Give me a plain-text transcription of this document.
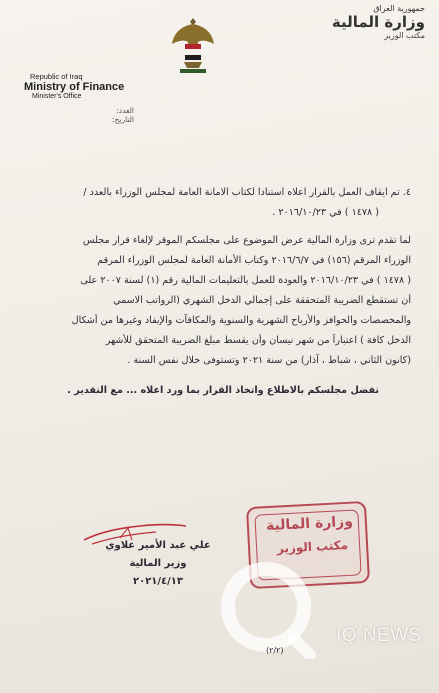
جمهورية العراق
وزارة المالية
مكتب الوزير
Republic of Iraq
Ministry of Finance
Minister's Office
العدد:
التاريخ:
٤. تم ايقاف العمل بالقرار اعلاه استنادا لكتاب الامانة العامة لمجلس الوزراء بالعدد /
( ١٤٧٨ ) في ٢٠١٦/١٠/٢٣ .
لما تقدم ترى وزارة المالية عرض الموضوع على مجلسكم الموقر لإلغاء قرار مجلس
الوزراء المرقم (١٥٦) في ٢٠١٦/٦/٧ وكتاب الأمانة العامة لمجلس الوزراء المرقم
( ١٤٧٨ ) في ٢٠١٦/١٠/٢٣ والعودة للعمل بالتعليمات المالية رقم (١) لسنة ٢٠٠٧ على
أن تستقطع الضريبة المتحققة على إجمالي الدخل الشهري (الرواتب الاسمي
والمخصصات والحوافز والأرباح الشهرية والسنوية والمكافآت والإيفاد وغيرها من أشكال
الدخل كافة ) اعتباراً من شهر نيسان وأن يقسط مبلغ الضريبة المتحقق للأشهر
(كانون الثاني ، شباط ، آذار) من سنة ٢٠٢١ وتستوفى خلال نفس السنة .
تفضل مجلسكم بالاطلاع واتخاذ القرار بما ورد اعلاه ... مع التقدير .
علي عبد الأمير علاوي
وزير المالية
٢٠٢١/٤/١٣
وزارة المالية
مكتب الوزير
IQ NEWS
(٢/٢)
